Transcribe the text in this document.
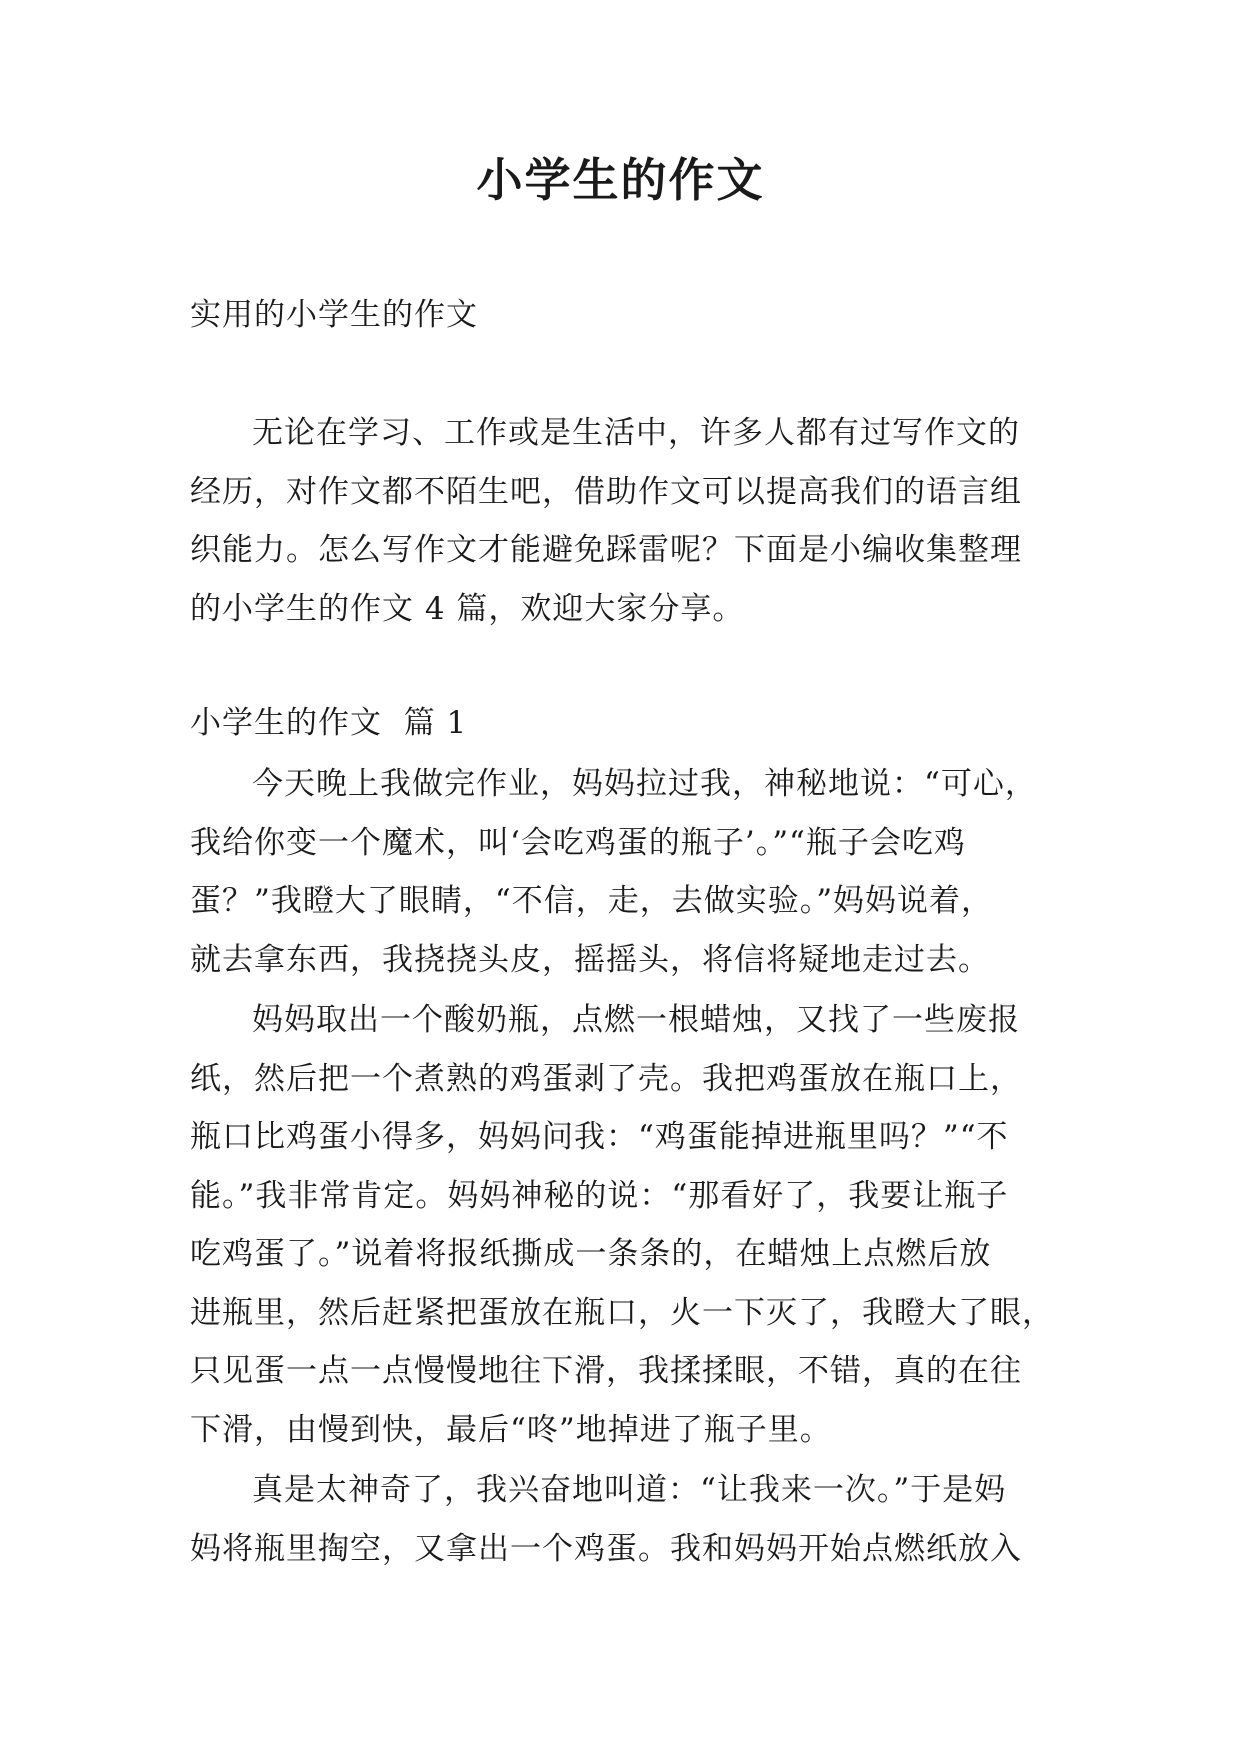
小学生的作文
实用的小学生的作文
无论在学习、工作或是生活中，许多人都有过写作文的
经历，对作文都不陌生吧，借助作文可以提高我们的语言组
织能力。怎么写作文才能避免踩雷呢？下面是小编收集整理
的小学生的作文 4 篇，欢迎大家分享。
小学生的作文  篇 1
今天晚上我做完作业，妈妈拉过我，神秘地说：“可心，
我给你变一个魔术，叫‘会吃鸡蛋的瓶子’。”“瓶子会吃鸡
蛋？”我瞪大了眼睛，“不信，走，去做实验。”妈妈说着，
就去拿东西，我挠挠头皮，摇摇头，将信将疑地走过去。
妈妈取出一个酸奶瓶，点燃一根蜡烛，又找了一些废报
纸，然后把一个煮熟的鸡蛋剥了壳。我把鸡蛋放在瓶口上，
瓶口比鸡蛋小得多，妈妈问我：“鸡蛋能掉进瓶里吗？”“不
能。”我非常肯定。妈妈神秘的说：“那看好了，我要让瓶子
吃鸡蛋了。”说着将报纸撕成一条条的，在蜡烛上点燃后放
进瓶里，然后赶紧把蛋放在瓶口，火一下灭了，我瞪大了眼，
只见蛋一点一点慢慢地往下滑，我揉揉眼，不错，真的在往
下滑，由慢到快，最后“咚”地掉进了瓶子里。
真是太神奇了，我兴奋地叫道：“让我来一次。”于是妈
妈将瓶里掏空，又拿出一个鸡蛋。我和妈妈开始点燃纸放入
